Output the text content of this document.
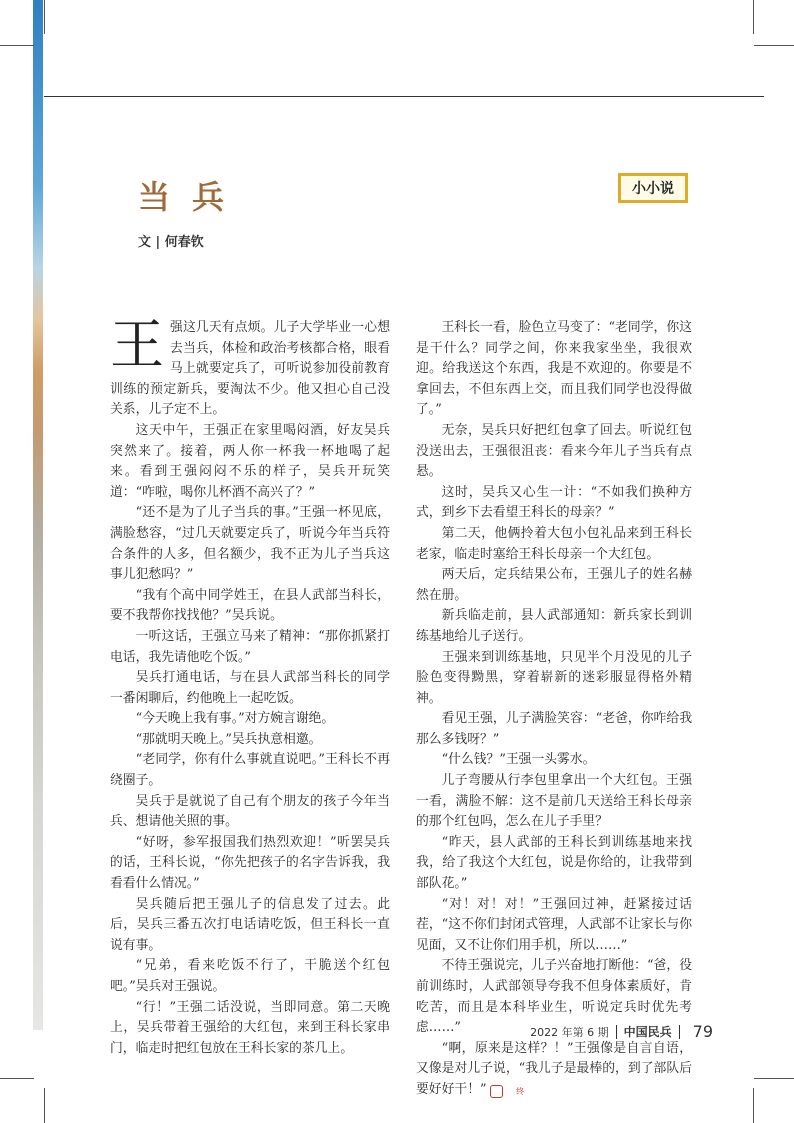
当兵	小小说
文 | 何春钦

王强这几天有点烦。儿子大学毕业一心想去当兵，体检和政治考核都合格，眼看马上就要定兵了，可听说参加役前教育训练的预定新兵，要淘汰不少。他又担心自己没关系，儿子定不上。

这天中午，王强正在家里喝闷酒，好友吴兵突然来了。接着，两人你一杯我一杯地喝了起来。看到王强闷闷不乐的样子，吴兵开玩笑道：“咋啦，喝你儿杯酒不高兴了？”

“还不是为了儿子当兵的事。”王强一杯见底，满脸愁容，“过几天就要定兵了，听说今年当兵符合条件的人多，但名额少，我不正为儿子当兵这事儿犯愁吗？”

“我有个高中同学姓王，在县人武部当科长，要不我帮你找找他？”吴兵说。

一听这话，王强立马来了精神：“那你抓紧打电话，我先请他吃个饭。”

吴兵打通电话，与在县人武部当科长的同学一番闲聊后，约他晚上一起吃饭。

“今天晚上我有事。”对方婉言谢绝。

“那就明天晚上。”吴兵执意相邀。

“老同学，你有什么事就直说吧。”王科长不再绕圈子。

吴兵于是就说了自己有个朋友的孩子今年当兵、想请他关照的事。

“好呀，参军报国我们热烈欢迎！”听罢吴兵的话，王科长说，“你先把孩子的名字告诉我，我看看什么情况。”

吴兵随后把王强儿子的信息发了过去。此后，吴兵三番五次打电话请吃饭，但王科长一直说有事。

“兄弟，看来吃饭不行了，干脆送个红包吧。”吴兵对王强说。

“行！”王强二话没说，当即同意。第二天晚上，吴兵带着王强给的大红包，来到王科长家串门，临走时把红包放在王科长家的茶几上。

王科长一看，脸色立马变了：“老同学，你这是干什么？同学之间，你来我家坐坐，我很欢迎。给我送这个东西，我是不欢迎的。你要是不拿回去，不但东西上交，而且我们同学也没得做了。”

无奈，吴兵只好把红包拿了回去。听说红包没送出去，王强很沮丧：看来今年儿子当兵有点悬。

这时，吴兵又心生一计：“不如我们换种方式，到乡下去看望王科长的母亲？”

第二天，他俩拎着大包小包礼品来到王科长老家，临走时塞给王科长母亲一个大红包。

两天后，定兵结果公布，王强儿子的姓名赫然在册。

新兵临走前，县人武部通知：新兵家长到训练基地给儿子送行。

王强来到训练基地，只见半个月没见的儿子脸色变得黝黑，穿着崭新的迷彩服显得格外精神。

看见王强，儿子满脸笑容：“老爸，你咋给我那么多钱呀？”

“什么钱？”王强一头雾水。

儿子弯腰从行李包里拿出一个大红包。王强一看，满脸不解：这不是前几天送给王科长母亲的那个红包吗，怎么在儿子手里？

“昨天，县人武部的王科长到训练基地来找我，给了我这个大红包，说是你给的，让我带到部队花。”

“对！对！对！”王强回过神，赶紧接过话茬，“这不你们封闭式管理，人武部不让家长与你见面，又不让你们用手机，所以……”

不待王强说完，儿子兴奋地打断他：“爸，役前训练时，人武部领导夸我不但身体素质好，肯吃苦，而且是本科毕业生，听说定兵时优先考虑……”

“啊，原来是这样？！”王强像是自言自语，又像是对儿子说，“我儿子是最棒的，到了部队后要好好干！”	终

2022 年第 6 期 中国民兵 79
